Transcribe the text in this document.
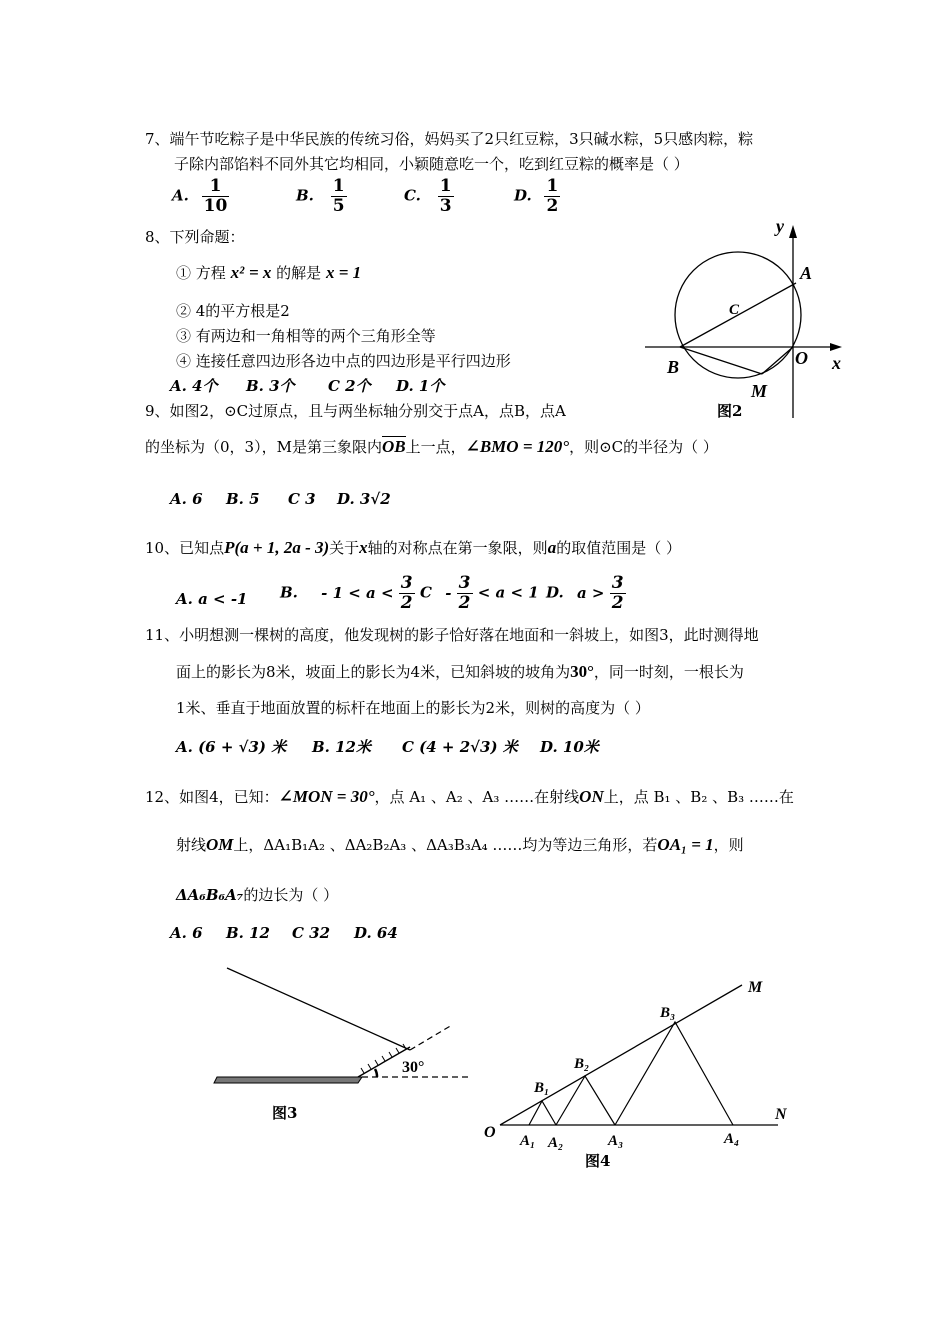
7、端午节吃粽子是中华民族的传统习俗，妈妈买了2只红豆粽，3只碱水粽，5只感肉粽，粽
子除内部馅料不同外其它均相同，小颖随意吃一个，吃到红豆粽的概率是（ ）
A. $\frac{1}{10}$	B. $\frac{1}{5}$	C. $\frac{1}{3}$	D. $\frac{1}{2}$
8、下列命题：
① 方程 x² = x 的解是 x = 1
② 4的平方根是2
③ 有两边和一角相等的两个三角形全等
④ 连接任意四边形各边中点的四边形是平行四边形
A. 4个 B. 3个 C 2个 D. 1个
y
A
C
O x
B
M
图2
9、如图2，⊙C过原点，且与两坐标轴分别交于点A，点B，点A
的坐标为（0，3），M是第三象限内OB上一点，∠BMO = 120°，则⊙C的半径为（ ）
A. 6 B. 5 C 3 D. 3√2
10、已知点P(a + 1, 2a - 3)关于x轴的对称点在第一象限，则a的取值范围是（ ）
A. a < -1 B. - $1 < a < \frac{3}{2}$ $C - \frac{3}{2} < a < 1$ D. $a > \frac{3}{2}$
11、小明想测一棵树的高度，他发现树的影子恰好落在地面和一斜坡上，如图3，此时测得地
面上的影长为8米，坡面上的影长为4米，已知斜坡的坡角为30°，同一时刻，一根长为
1米、垂直于地面放置的标杆在地面上的影长为2米，则树的高度为（ ）
A. (6 + √3) 米 B. 12米 C (4 + 2√3) 米 D. 10米
12、如图4，已知：∠MON = 30°，点 A₁ 、A₂ 、A₃ ……在射线ON上，点 B₁ 、B₂ 、B₃ ……在
射线OM上，ΔA₁B₁A₂ 、ΔA₂B₂A₃ 、ΔA₃B₃A₄ ……均为等边三角形，若OA₁ = 1，则
ΔA₆B₆A₇的边长为（ ）
A. 6 B. 12 C 32 D. 64
30°
图3
M
N
O
B₁
B₂
B₃
A₁ A₂	A₃	A₄
图4
